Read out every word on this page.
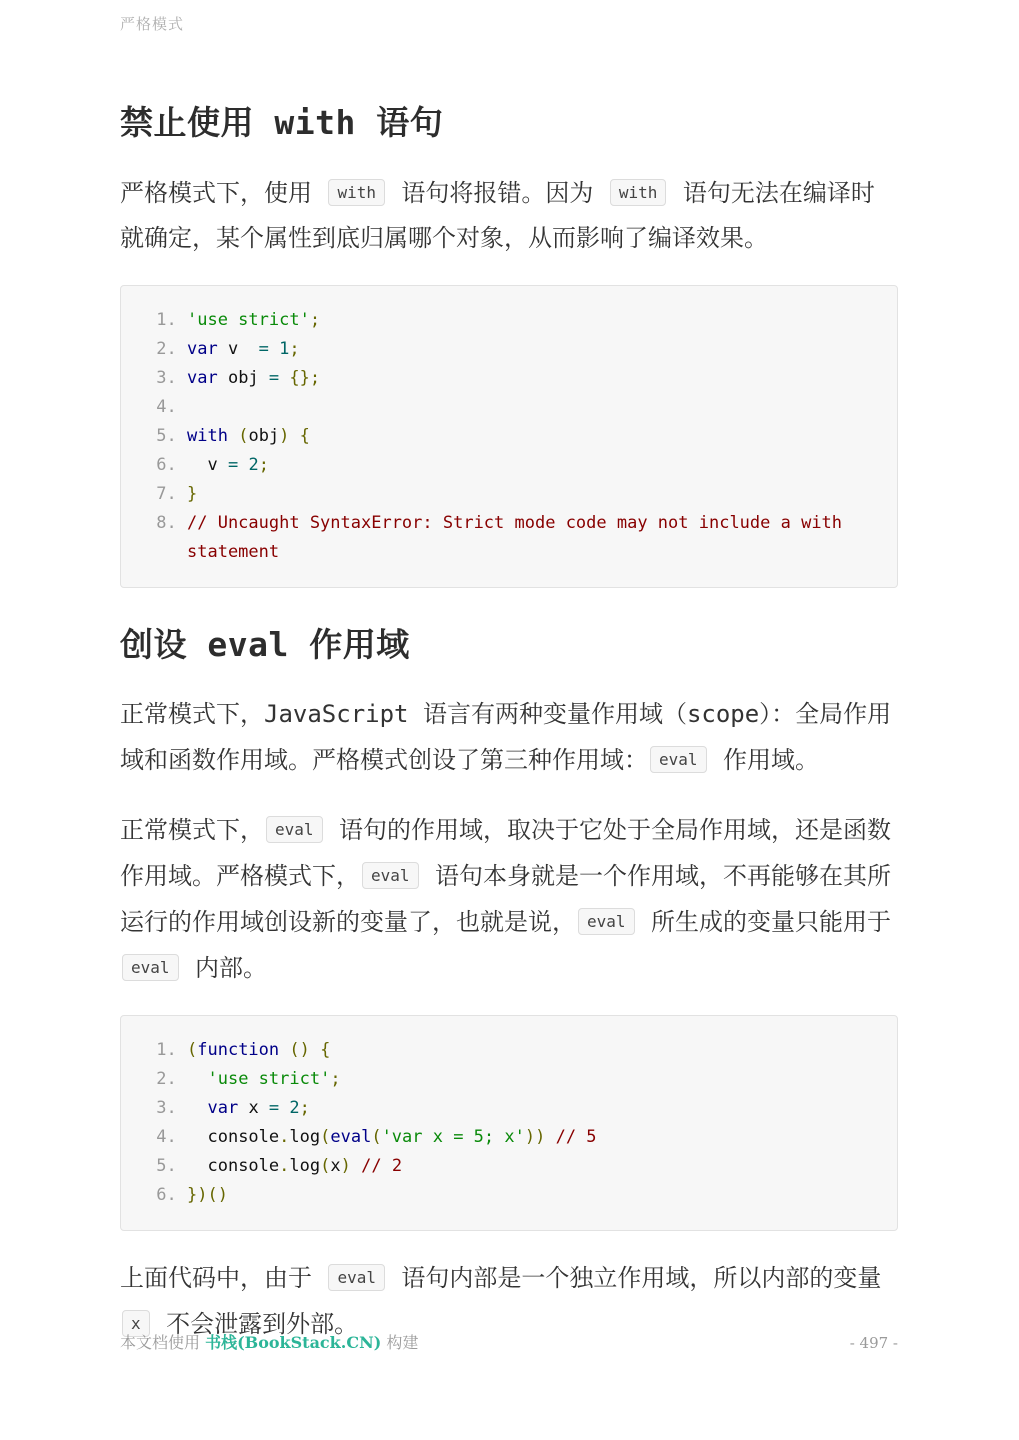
严格模式
禁止使用 with 语句

严格模式下，使用 with 语句将报错。因为 with 语句无法在编译时就确定，某个属性到底归属哪个对象，从而影响了编译效果。

1. 'use strict';
2. var v  = 1;
3. var obj = {};
4.
5. with (obj) {
6.   v = 2;
7. }
8. // Uncaught SyntaxError: Strict mode code may not include a with statement
创设 eval 作用域

正常模式下，JavaScript 语言有两种变量作用域（scope）：全局作用域和函数作用域。严格模式创设了第三种作用域： eval 作用域。

正常模式下， eval 语句的作用域，取决于它处于全局作用域，还是函数作用域。严格模式下， eval 语句本身就是一个作用域，不再能够在其所运行的作用域创设新的变量了，也就是说， eval 所生成的变量只能用于 eval 内部。

1. (function () {
2.   'use strict';
3.   var x = 2;
4.   console.log(eval('var x = 5; x')) // 5
5.   console.log(x) // 2
6. })()

上面代码中，由于 eval 语句内部是一个独立作用域，所以内部的变量 x 不会泄露到外部。

本文档使用 书栈(BookStack.CN) 构建	- 497 -
